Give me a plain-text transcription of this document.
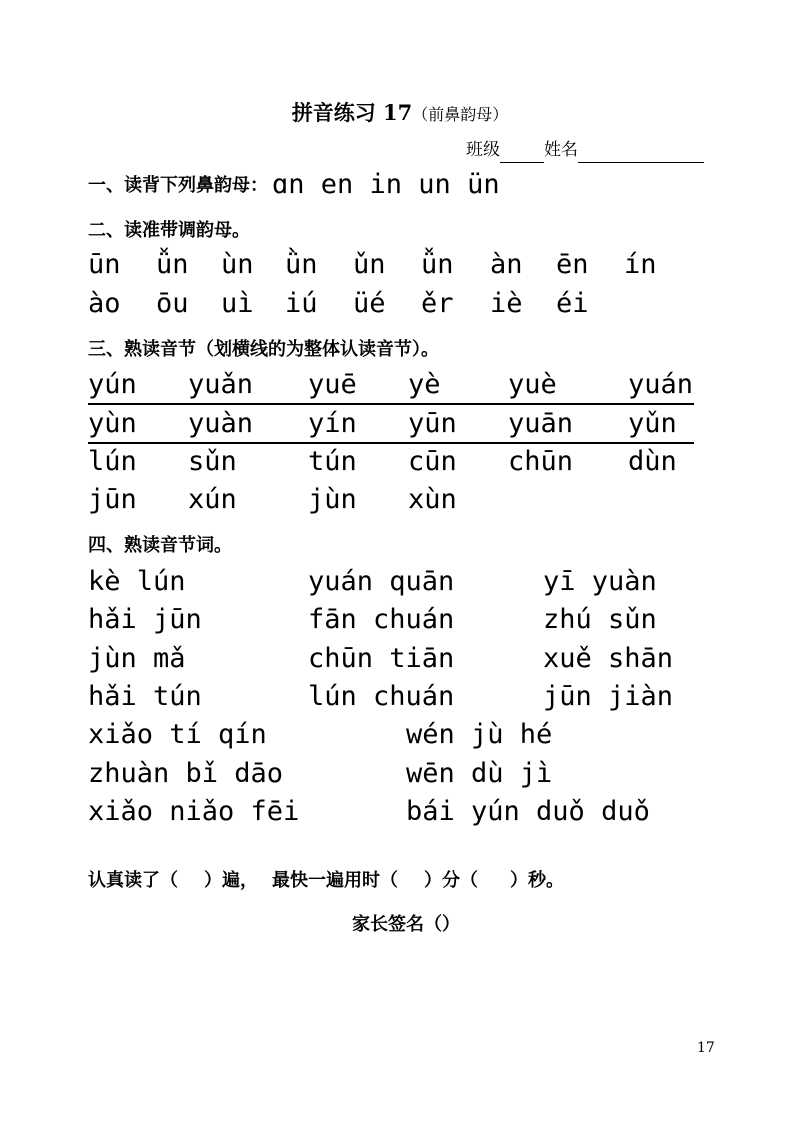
拼音练习 17（前鼻韵母）
班级	姓名
一、读背下列鼻韵母： ɑn en in un ün
二、读准带调韵母。
ūn ǚn ùn ǜn ǔn ǚn àn ēn ín
ào ōu uì iú üé ěr iè éi
三、熟读音节（划横线的为整体认读音节）。
yún yuǎn yuē yè yuè	yuán
yùn yuàn yín yūn yuān yǔn
lún sǔn	tún cūn chūn dùn
jūn xún	jùn xùn
四、熟读音节词。
kè lún	yuán quān	yī yuàn
hǎi jūn	fān chuán	zhú sǔn
jùn mǎ	chūn tiān	xuě shān
hǎi tún	lún chuán	jūn jiàn
xiǎo tí qín	wén jù hé
zhuàn bǐ dāo	wēn dù jì
xiǎo niǎo fēi	bái yún duǒ duǒ
认真读了（ ）遍， 最快一遍用时（ ）分（ ）秒。
家长签名（）
17
